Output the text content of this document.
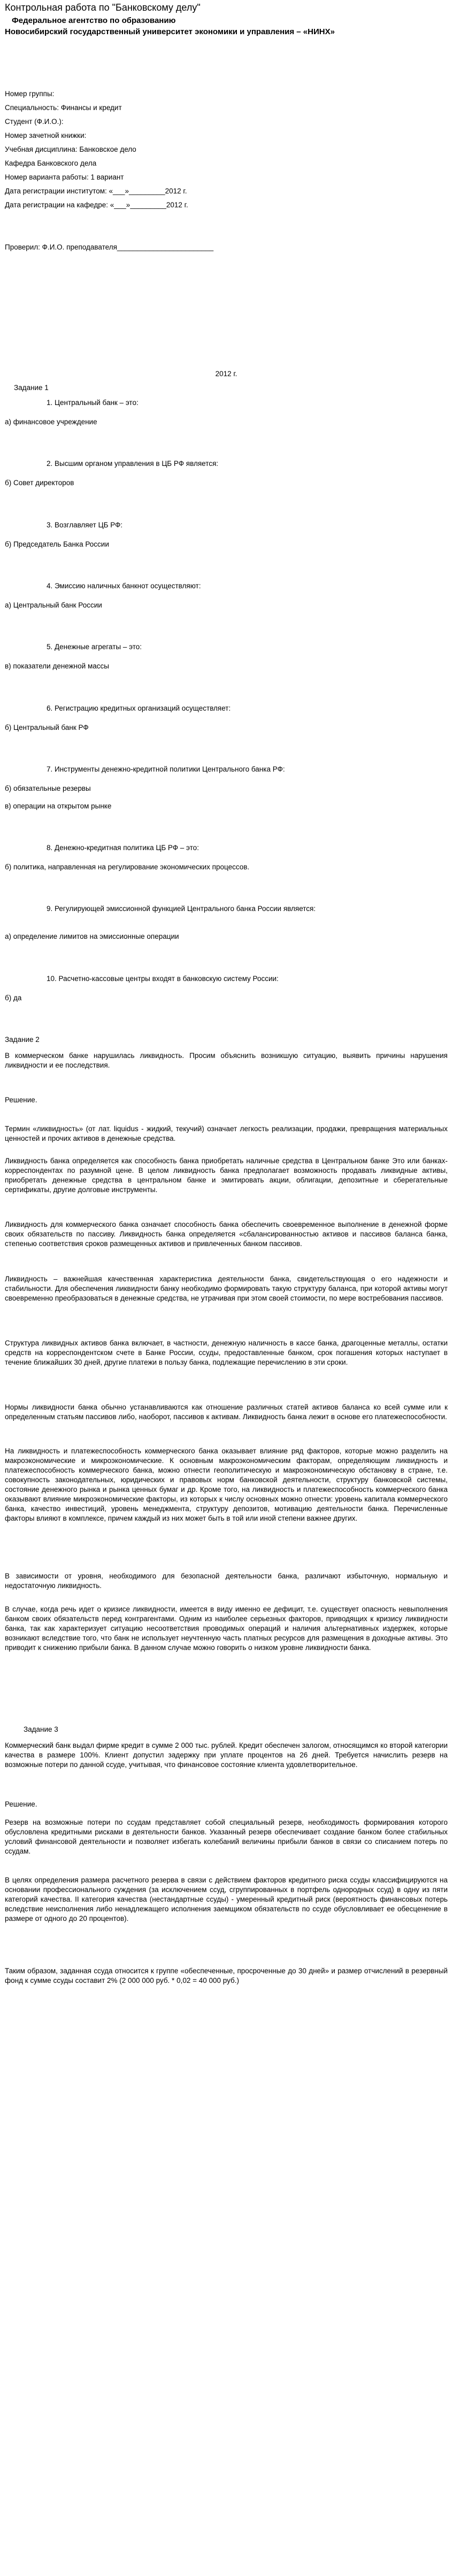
Контрольная работа по "Банковскому делу"
Федеральное агентство по образованию
Новосибирский государственный университет экономики и управления – «НИНХ»
Номер группы:
Специальность: Финансы и кредит
Студент (Ф.И.О.):
Номер зачетной книжки:
Учебная дисциплина: Банковское дело
Кафедра Банковского дела
Номер варианта работы: 1 вариант
Дата регистрации институтом: «___»_________2012 г.
Дата регистрации на кафедре: «___»_________2012 г.
Проверил: Ф.И.О. преподавателя________________________
2012 г.
Задание 1
1. Центральный банк – это:
а) финансовое учреждение
2. Высшим органом управления в ЦБ РФ является:
б) Совет директоров
3. Возглавляет ЦБ РФ:
б) Председатель Банка России
4. Эмиссию наличных банкнот осуществляют:
а) Центральный банк России
5. Денежные агрегаты – это:
в) показатели денежной массы
6. Регистрацию кредитных организаций осуществляет:
б) Центральный банк РФ
7. Инструменты денежно-кредитной политики Центрального банка РФ:
б) обязательные резервы
в) операции на открытом рынке
8. Денежно-кредитная политика ЦБ РФ – это:
б) политика, направленная на регулирование экономических процессов.
9. Регулирующей эмиссионной функцией Центрального банка России является:
а) определение лимитов на эмиссионные операции
10. Расчетно-кассовые центры входят в банковскую систему России:
б) да
Задание 2
В коммерческом банке нарушилась ликвидность. Просим объяснить возникшую ситуацию, выявить причины нарушения ликвидности и ее последствия.
Решение.
Термин «ликвидность» (от лат. liquidus - жидкий, текучий) означает легкость реализации, продажи, превращения материальных ценностей и прочих активов в денежные средства.
Ликвидность банка определяется как способность банка приобретать наличные средства в Центральном банке Это или банках-корреспондентах по разумной цене. В целом ликвидность банка предполагает возможность продавать ликвидные активы, приобретать денежные средства в центральном банке и эмитировать акции, облигации, депозитные и сберегательные сертификаты, другие долговые инструменты.
Ликвидность для коммерческого банка означает способность банка обеспечить своевременное выполнение в денежной форме своих обязательств по пассиву. Ликвидность банка определяется «сбалансированностью активов и пассивов баланса банка, степенью соответствия сроков размещенных активов и привлеченных банком пассивов.
Ликвидность – важнейшая качественная характеристика деятельности банка, свидетельствующая о его надежности и стабильности. Для обеспечения ликвидности банку необходимо формировать такую структуру баланса, при которой активы могут своевременно преобразоваться в денежные средства, не утрачивая при этом своей стоимости, по мере востребования пассивов.
Структура ликвидных активов банка включает, в частности, денежную наличность в кассе банка, драгоценные металлы, остатки средств на корреспондентском счете в Банке России, ссуды, предоставленные банком, срок погашения которых наступает в течение ближайших 30 дней, другие платежи в пользу банка, подлежащие перечислению в эти сроки.
Нормы ликвидности банка обычно устанавливаются как отношение различных статей активов баланса ко всей сумме или к определенным статьям пассивов либо, наоборот, пассивов к активам. Ликвидность банка лежит в основе его платежеспособности.
На ликвидность и платежеспособность коммерческого банка оказывает влияние ряд факторов, которые можно разделить на макроэкономические и микроэкономические. К основным макроэкономическим факторам, определяющим ликвидность и платежеспособность коммерческого банка, можно отнести геополитическую и макроэкономическую обстановку в стране, т.е. совокупность законодательных, юридических и правовых норм банковской деятельности, структуру банковской системы, состояние денежного рынка и рынка ценных бумаг и др. Кроме того, на ликвидность и платежеспособность коммерческого банка оказывают влияние микроэкономические факторы, из которых к числу основных можно отнести: уровень капитала коммерческого банка, качество инвестиций, уровень менеджмента, структуру депозитов, мотивацию деятельности банка. Перечисленные факторы влияют в комплексе, причем каждый из них может быть в той или иной степени важнее других.
В зависимости от уровня, необходимого для безопасной деятельности банка, различают избыточную, нормальную и недостаточную ликвидность.
В случае, когда речь идет о кризисе ликвидности, имеется в виду именно ее дефицит, т.е. существует опасность невыполнения банком своих обязательств перед контрагентами. Одним из наиболее серьезных факторов, приводящих к кризису ликвидности банка, так как характеризует ситуацию несоответствия проводимых операций и наличия альтернативных издержек, которые возникают вследствие того, что банк не использует неучтенную часть платных ресурсов для размещения в доходные активы. Это приводит к снижению прибыли банка. В данном случае можно говорить о низком уровне ликвидности банка.
Задание 3
Коммерческий банк выдал фирме кредит в сумме 2 000 тыс. рублей. Кредит обеспечен залогом, относящимся ко второй категории качества в размере 100%. Клиент допустил задержку при уплате процентов на 26 дней. Требуется начислить резерв на возможные потери по данной ссуде, учитывая, что финансовое состояние клиента удовлетворительное.
Решение.
Резерв на возможные потери по ссудам представляет собой специальный резерв, необходимость формирования которого обусловлена кредитными рисками в деятельности банков. Указанный резерв обеспечивает создание банком более стабильных условий финансовой деятельности и позволяет избегать колебаний величины прибыли банков в связи со списанием потерь по ссудам.
В целях определения размера расчетного резерва в связи с действием факторов кредитного риска ссуды классифицируются на основании профессионального суждения (за исключением ссуд, сгруппированных в портфель однородных ссуд) в одну из пяти категорий качества. II категория качества (нестандартные ссуды) - умеренный кредитный риск (вероятность финансовых потерь вследствие неисполнения либо ненадлежащего исполнения заемщиком обязательств по ссуде обусловливает ее обесценение в размере от одного до 20 процентов).
Таким образом, заданная ссуда относится к группе «обеспеченные, просроченные до 30 дней» и размер отчислений в резервный фонд к сумме ссуды составит 2% (2 000 000 руб. * 0,02 = 40 000 руб.)
